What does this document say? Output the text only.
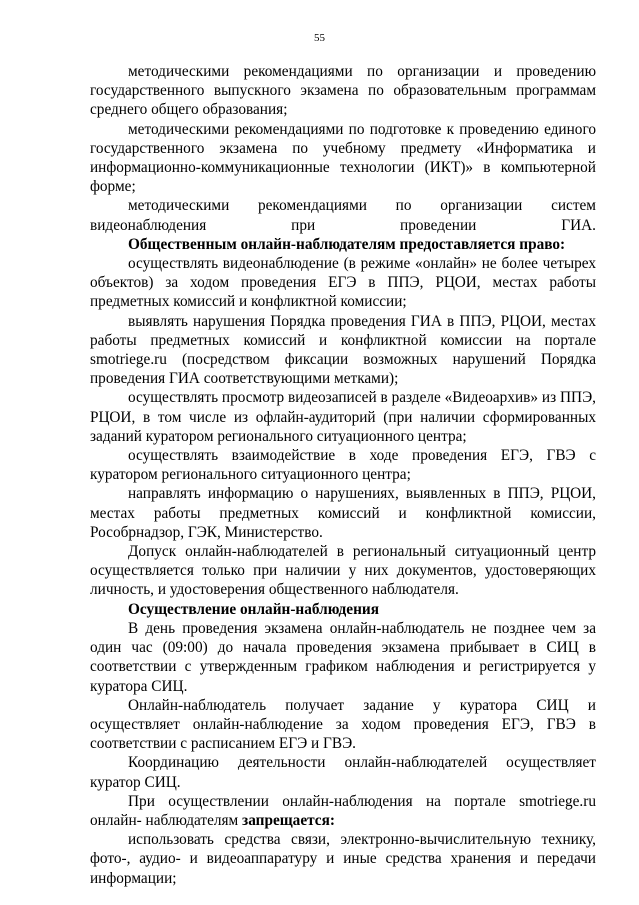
55

методическими рекомендациями по организации и проведению государственного выпускного экзамена по образовательным программам среднего общего образования;

методическими рекомендациями по подготовке к проведению единого государственного экзамена по учебному предмету «Информатика и информационно-коммуникационные технологии (ИКТ)» в компьютерной форме;

методическими рекомендациями по организации систем видеонаблюдения при проведении ГИА.

Общественным онлайн-наблюдателям предоставляется право:

осуществлять видеонаблюдение (в режиме «онлайн» не более четырех объектов) за ходом проведения ЕГЭ в ППЭ, РЦОИ, местах работы предметных комиссий и конфликтной комиссии;

выявлять нарушения Порядка проведения ГИА в ППЭ, РЦОИ, местах работы предметных комиссий и конфликтной комиссии на портале smotriege.ru (посредством фиксации возможных нарушений Порядка проведения ГИА соответствующими метками);

осуществлять просмотр видеозаписей в разделе «Видеоархив» из ППЭ, РЦОИ, в том числе из офлайн-аудиторий (при наличии сформированных заданий куратором регионального ситуационного центра;

осуществлять взаимодействие в ходе проведения ЕГЭ, ГВЭ с куратором регионального ситуационного центра;

направлять информацию о нарушениях, выявленных в ППЭ, РЦОИ, местах работы предметных комиссий и конфликтной комиссии, Рособрнадзор, ГЭК, Министерство.

Допуск онлайн-наблюдателей в региональный ситуационный центр осуществляется только при наличии у них документов, удостоверяющих личность, и удостоверения общественного наблюдателя.

Осуществление онлайн-наблюдения

В день проведения экзамена онлайн-наблюдатель не позднее чем за один час (09:00) до начала проведения экзамена прибывает в СИЦ в соответствии с утвержденным графиком наблюдения и регистрируется у куратора СИЦ.

Онлайн-наблюдатель получает задание у куратора СИЦ и осуществляет онлайн-наблюдение за ходом проведения ЕГЭ, ГВЭ в соответствии с расписанием ЕГЭ и ГВЭ.

Координацию деятельности онлайн-наблюдателей осуществляет куратор СИЦ.

При осуществлении онлайн-наблюдения на портале smotriege.ru онлайн- наблюдателям запрещается:

использовать средства связи, электронно-вычислительную технику, фото-, аудио- и видеоаппаратуру и иные средства хранения и передачи информации;
